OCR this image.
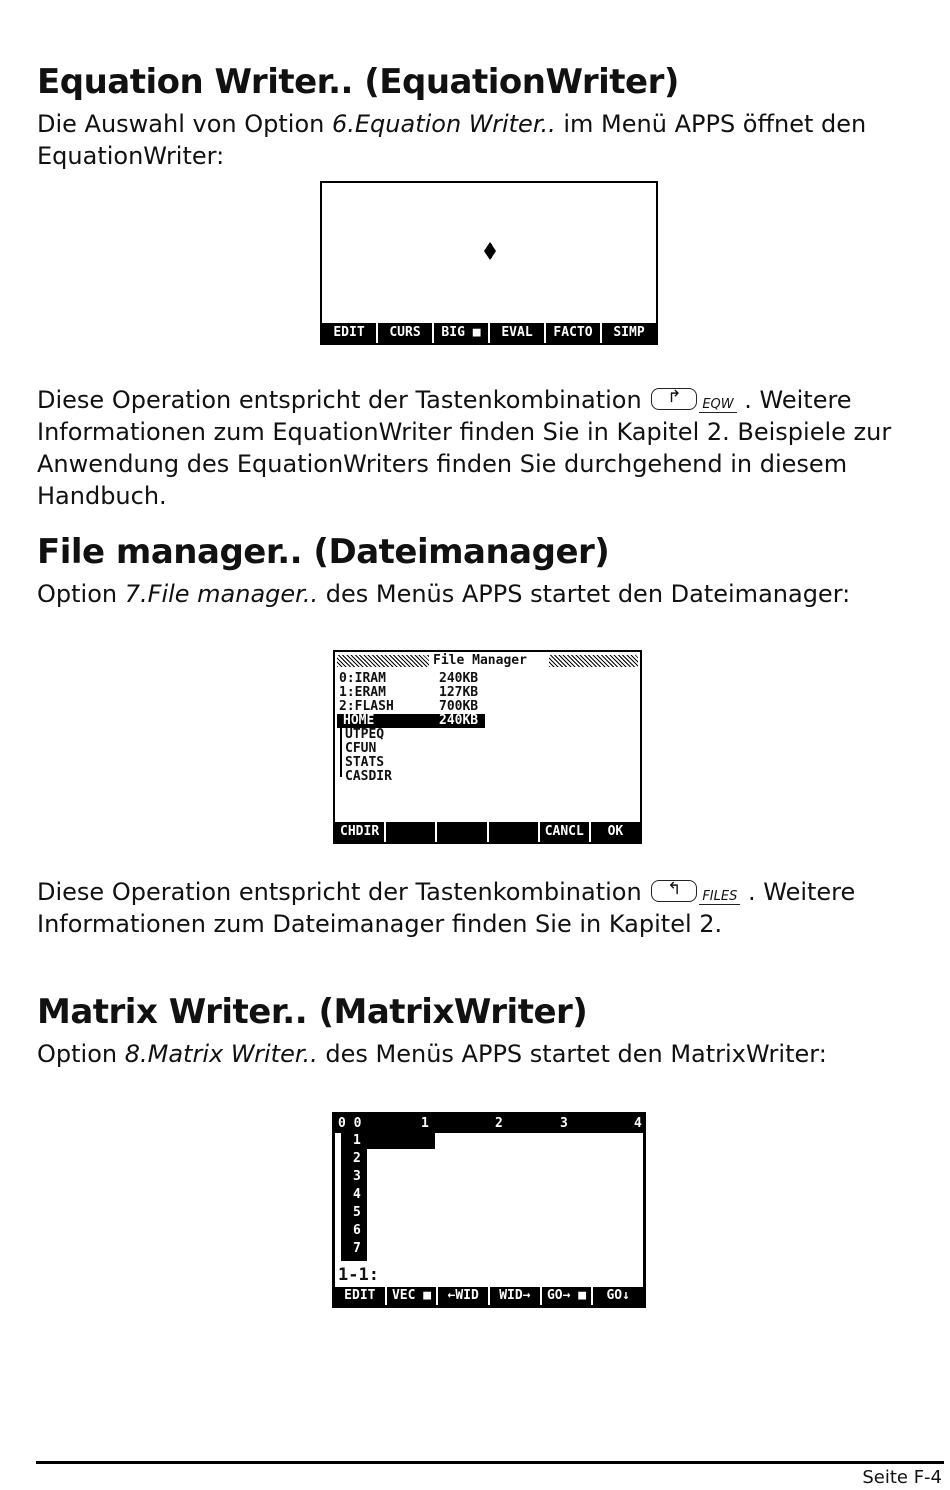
Equation Writer.. (EquationWriter)

Die Auswahl von Option 6.Equation Writer.. im Menü APPS öffnet den EquationWriter:

EDIT	CURS	BIG ■	EVAL	FACTO	SIMP

Diese Operation entspricht der Tastenkombination	↱	EQW . Weitere Informationen zum EquationWriter finden Sie in Kapitel 2. Beispiele zur Anwendung des EquationWriters finden Sie durchgehend in diesem Handbuch.

File manager.. (Dateimanager)

Option 7.File manager.. des Menüs APPS startet den Dateimanager:

File Manager
0:IRAM	240KB
1:ERAM	127KB
2:FLASH	700KB
HOME	240KB
UTPEQ
CFUN
STATS
CASDIR
CHDIR	CANCL	OK

Diese Operation entspricht der Tastenkombination	↰	FILES . Weitere Informationen zum Dateimanager finden Sie in Kapitel 2.

Matrix Writer.. (MatrixWriter)

Option 8.Matrix Writer.. des Menüs APPS startet den MatrixWriter:

0 0	1	2	3	4
1
2
3
4
5
6
7
1-1:
EDIT	VEC ■	←WID	WID→	GO→ ■	GO↓
Seite F-4
